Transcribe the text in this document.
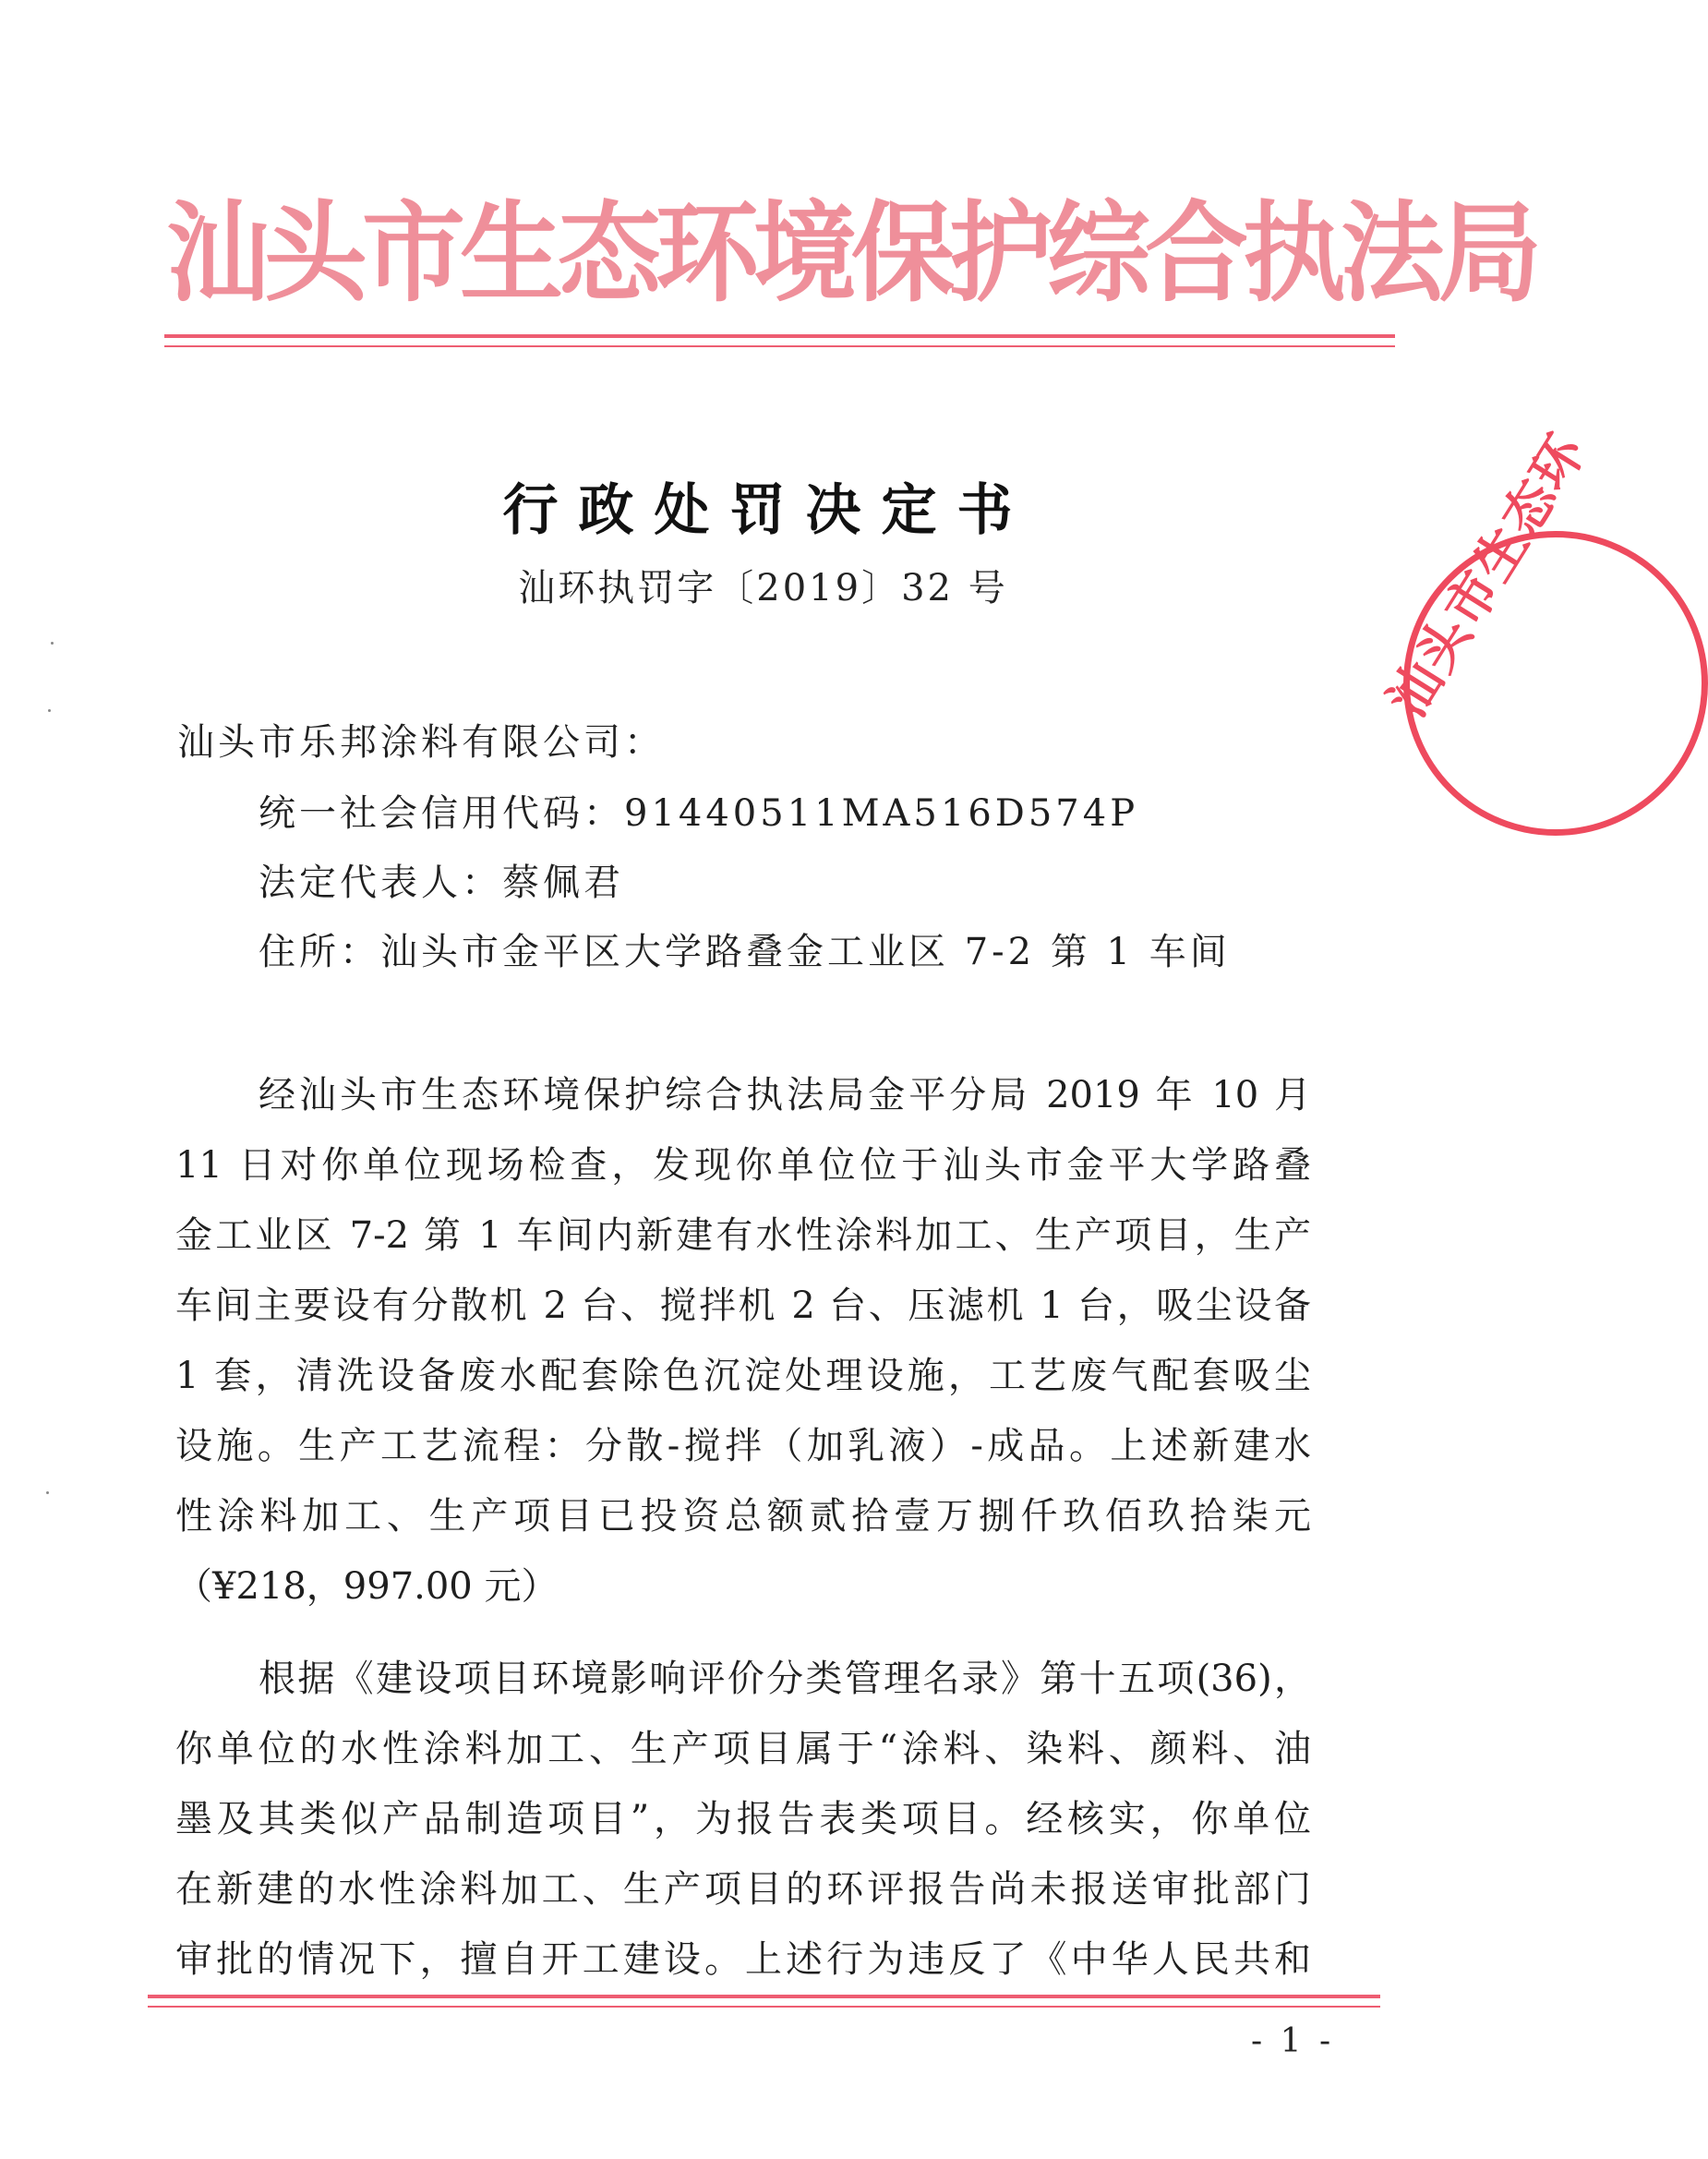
汕头市生态环境保护综合执法局
行政处罚决定书
汕环执罚字〔2019〕32 号	汕头市生态环
汕头市乐邦涂料有限公司：
统一社会信用代码：91440511MA516D574P
法定代表人：蔡佩君
住所：汕头市金平区大学路叠金工业区 7-2 第 1 车间
经汕头市生态环境保护综合执法局金平分局 2019 年 10 月
11 日对你单位现场检查，发现你单位位于汕头市金平大学路叠
金工业区 7-2 第 1 车间内新建有水性涂料加工、生产项目，生产
车间主要设有分散机 2 台、搅拌机 2 台、压滤机 1 台，吸尘设备
1 套，清洗设备废水配套除色沉淀处理设施，工艺废气配套吸尘
设施。生产工艺流程：分散-搅拌（加乳液）-成品。上述新建水
性涂料加工、生产项目已投资总额贰拾壹万捌仟玖佰玖拾柒元
（¥218，997.00 元）
根据《建设项目环境影响评价分类管理名录》第十五项(36)，
你单位的水性涂料加工、生产项目属于“涂料、染料、颜料、油
墨及其类似产品制造项目”，为报告表类项目。经核实，你单位
在新建的水性涂料加工、生产项目的环评报告尚未报送审批部门
审批的情况下，擅自开工建设。上述行为违反了《中华人民共和
- 1 -
